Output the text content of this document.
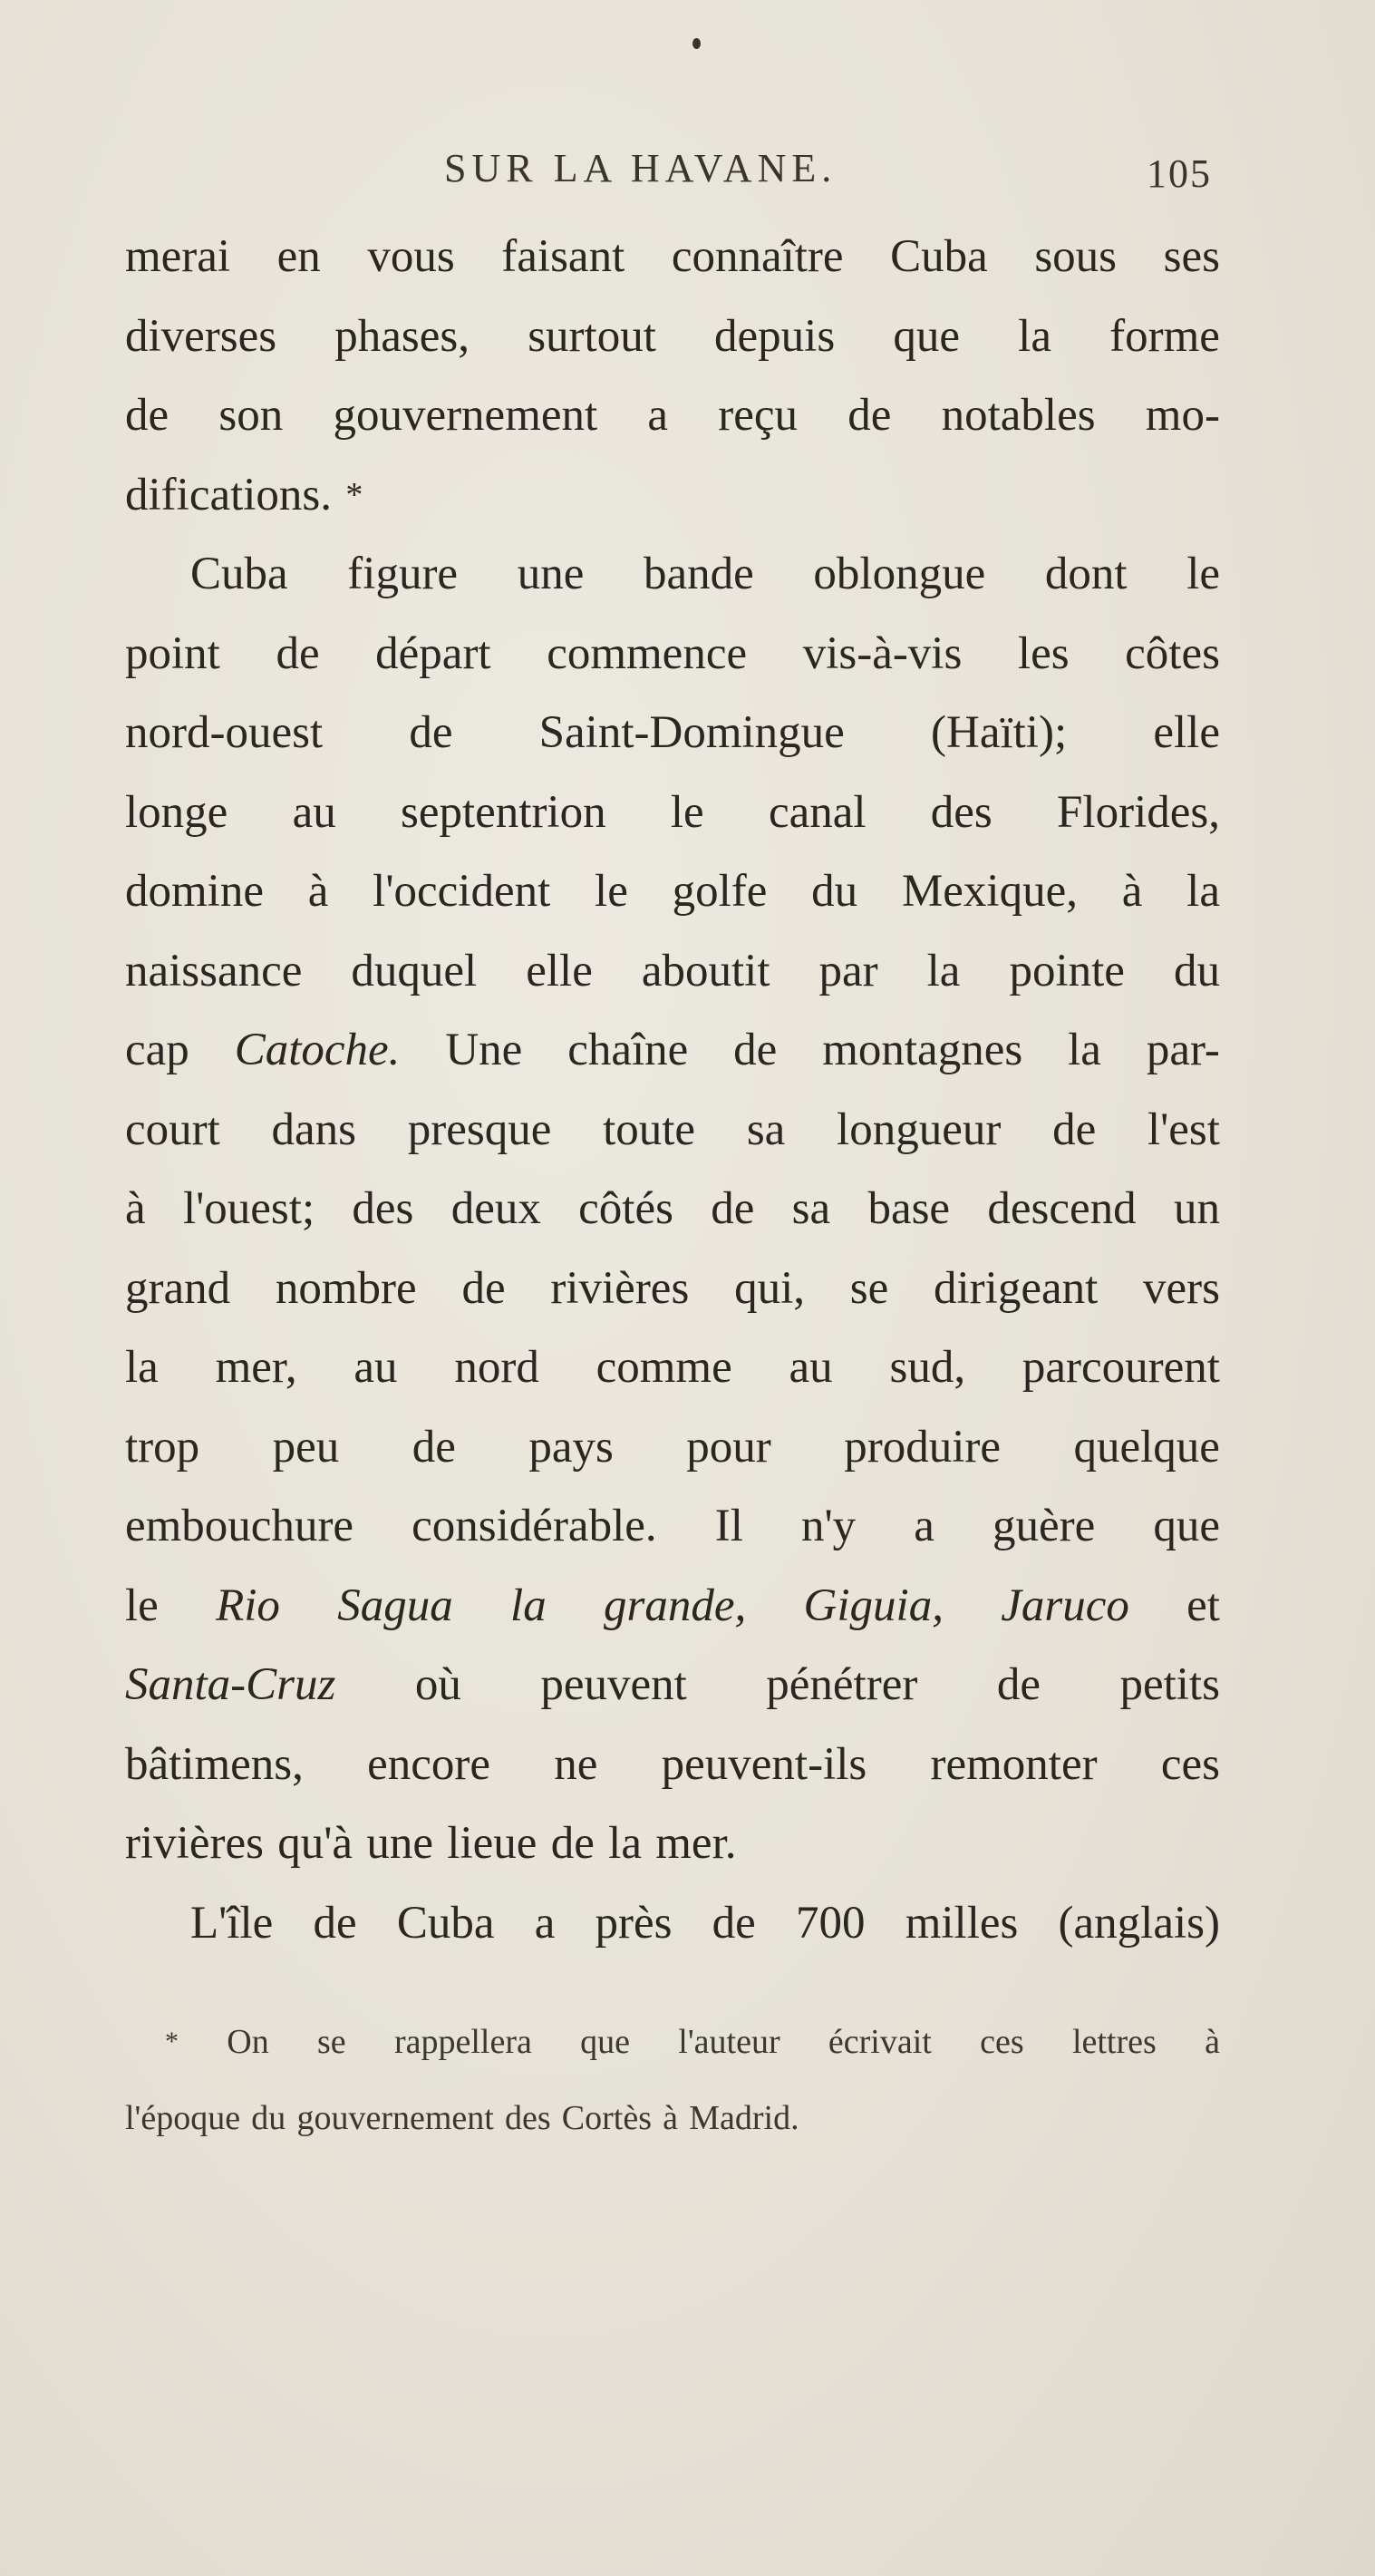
SUR LA HAVANE.	105
merai en vous faisant connaître Cuba sous ses
diverses phases, surtout depuis que la forme
de son gouvernement a reçu de notables mo-
difications. *
Cuba figure une bande oblongue dont le
point de départ commence vis-à-vis les côtes
nord-ouest de Saint-Domingue (Haïti); elle
longe au septentrion le canal des Florides,
domine à l'occident le golfe du Mexique, à la
naissance duquel elle aboutit par la pointe du
cap Catoche. Une chaîne de montagnes la par-
court dans presque toute sa longueur de l'est
à l'ouest; des deux côtés de sa base descend un
grand nombre de rivières qui, se dirigeant vers
la mer, au nord comme au sud, parcourent
trop peu de pays pour produire quelque
embouchure considérable. Il n'y a guère que
le Rio Sagua la grande, Giguia, Jaruco et
Santa-Cruz où peuvent pénétrer de petits
bâtimens, encore ne peuvent-ils remonter ces
rivières qu'à une lieue de la mer.
L'île de Cuba a près de 700 milles (anglais)
* On se rappellera que l'auteur écrivait ces lettres à
l'époque du gouvernement des Cortès à Madrid.
